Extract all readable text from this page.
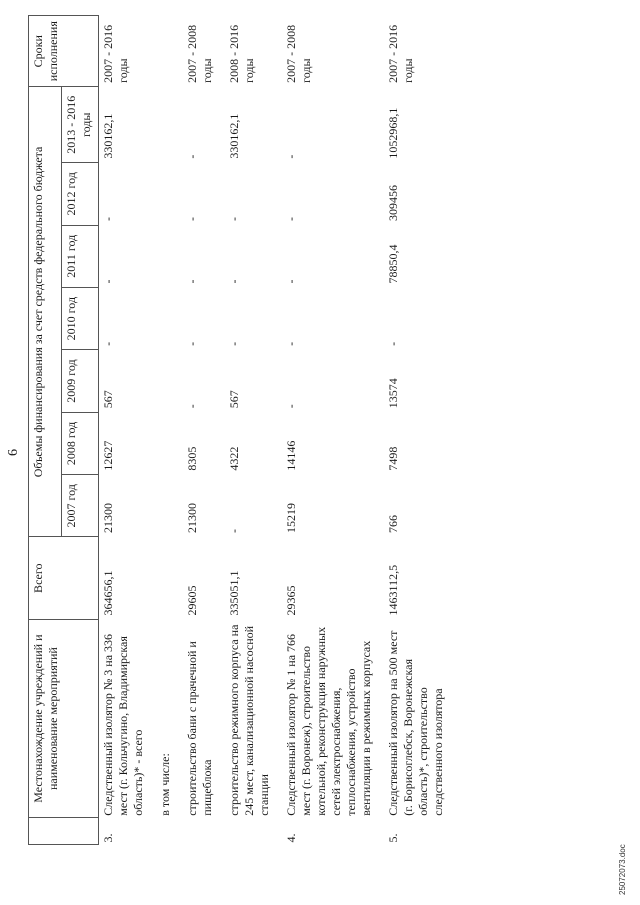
6
	Местонахождение учреждений и наименование мероприятий	Всего	Объемы финансирования за счет средств федерального бюджета							Сроки исполнения
			2007 год	2008 год	2009 год	2010 год	2011 год	2012 год	2013 - 2016 годы	
3.	Следственный изолятор № 3 на 336 мест (г. Кольчугино, Владимирская область)* - всего	364656,1	21300	12627	567	-	-	-	330162,1	2007 - 2016 годы

	в том числе:									

	строительство бани с прачечной и пищеблока	29605	21300	8305	-	-	-	-	-	2007 - 2008 годы

	строительство режимного корпуса на 245 мест, канализационной насосной станции	335051,1	-	4322	567	-	-	-	330162,1	2008 - 2016 годы

4.	Следственный изолятор № 1 на 766 мест (г. Воронеж), строительство котельной, реконструкция наружных сетей электроснабжения, теплоснабжения, устройство вентиляции в режимных корпусах	29365	15219	14146	-	-	-	-	-	2007 - 2008 годы

5.	Следственный изолятор на 500 мест (г. Борисоглебск, Воронежская область)*, строительство следственного изолятора	1463112,5	766	7498	13574	-	78850,4	309456	1052968,1	2007 - 2016 годы
25072073.doc
